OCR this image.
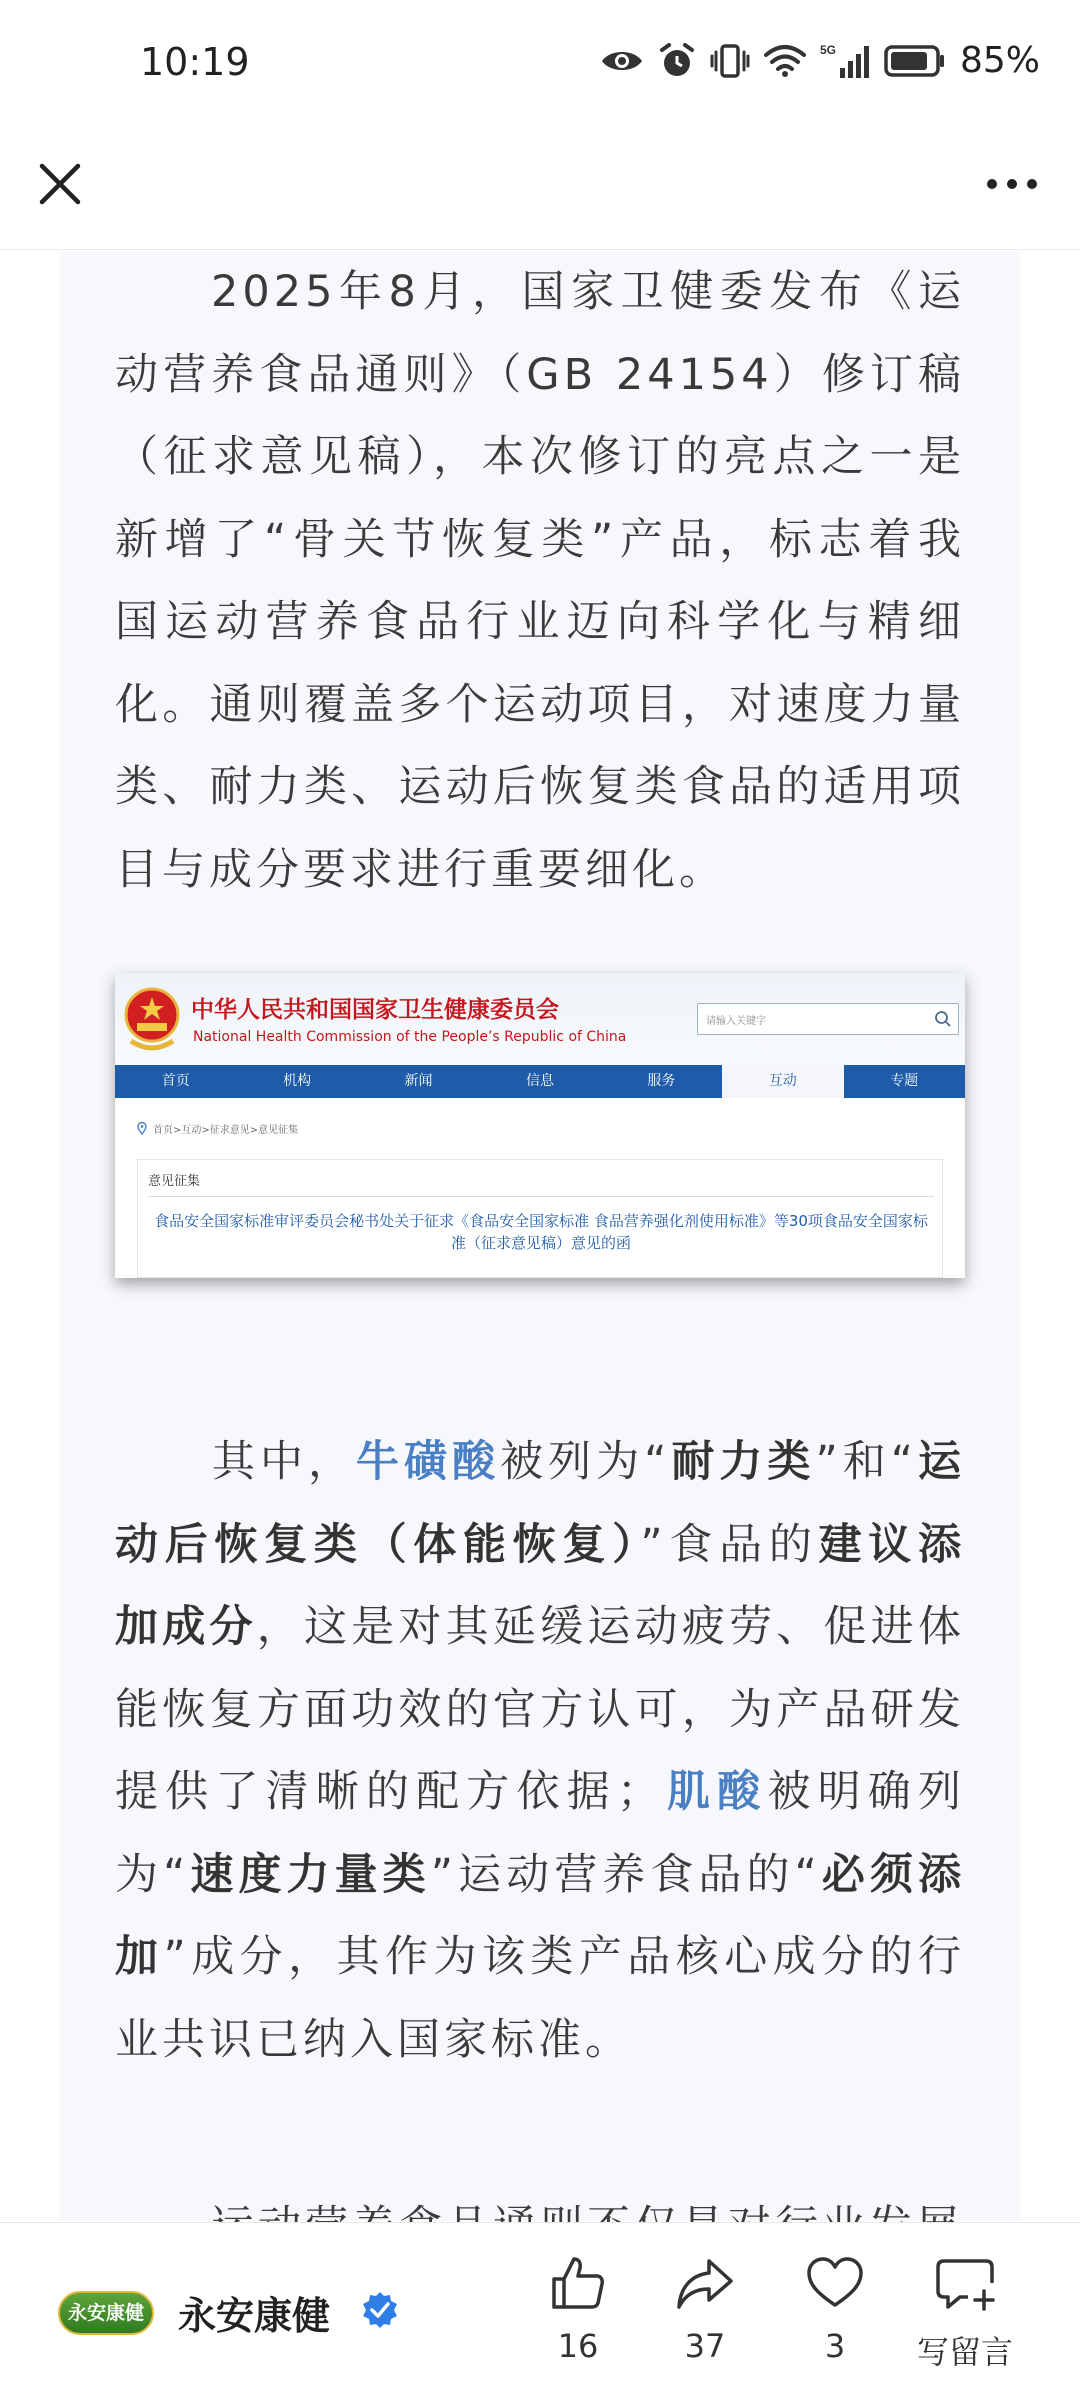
10:19	5G	85%

2025年8月，国家卫健委发布《运动营养食品通则》（GB 24154）修订稿（征求意见稿），本次修订的亮点之一是新增了“骨关节恢复类”产品，标志着我国运动营养食品行业迈向科学化与精细化。通则覆盖多个运动项目，对速度力量类、耐力类、运动后恢复类食品的适用项目与成分要求进行重要细化。

中华人民共和国国家卫生健康委员会
National Health Commission of the People’s Republic of China
请输入关键字
首页	机构	新闻	信息	服务	互动	专题
首页>互动>征求意见>意见征集
意见征集
食品安全国家标准审评委员会秘书处关于征求《食品安全国家标准 食品营养强化剂使用标准》等30项食品安全国家标准（征求意见稿）意见的函

其中，牛磺酸被列为“耐力类”和“运动后恢复类（体能恢复）”食品的建议添加成分，这是对其延缓运动疲劳、促进体能恢复方面功效的官方认可，为产品研发提供了清晰的配方依据；肌酸被明确列为“速度力量类”运动营养食品的“必须添加”成分，其作为该类产品核心成分的行业共识已纳入国家标准。

永安康健 永安康健
16	37	3	写留言
